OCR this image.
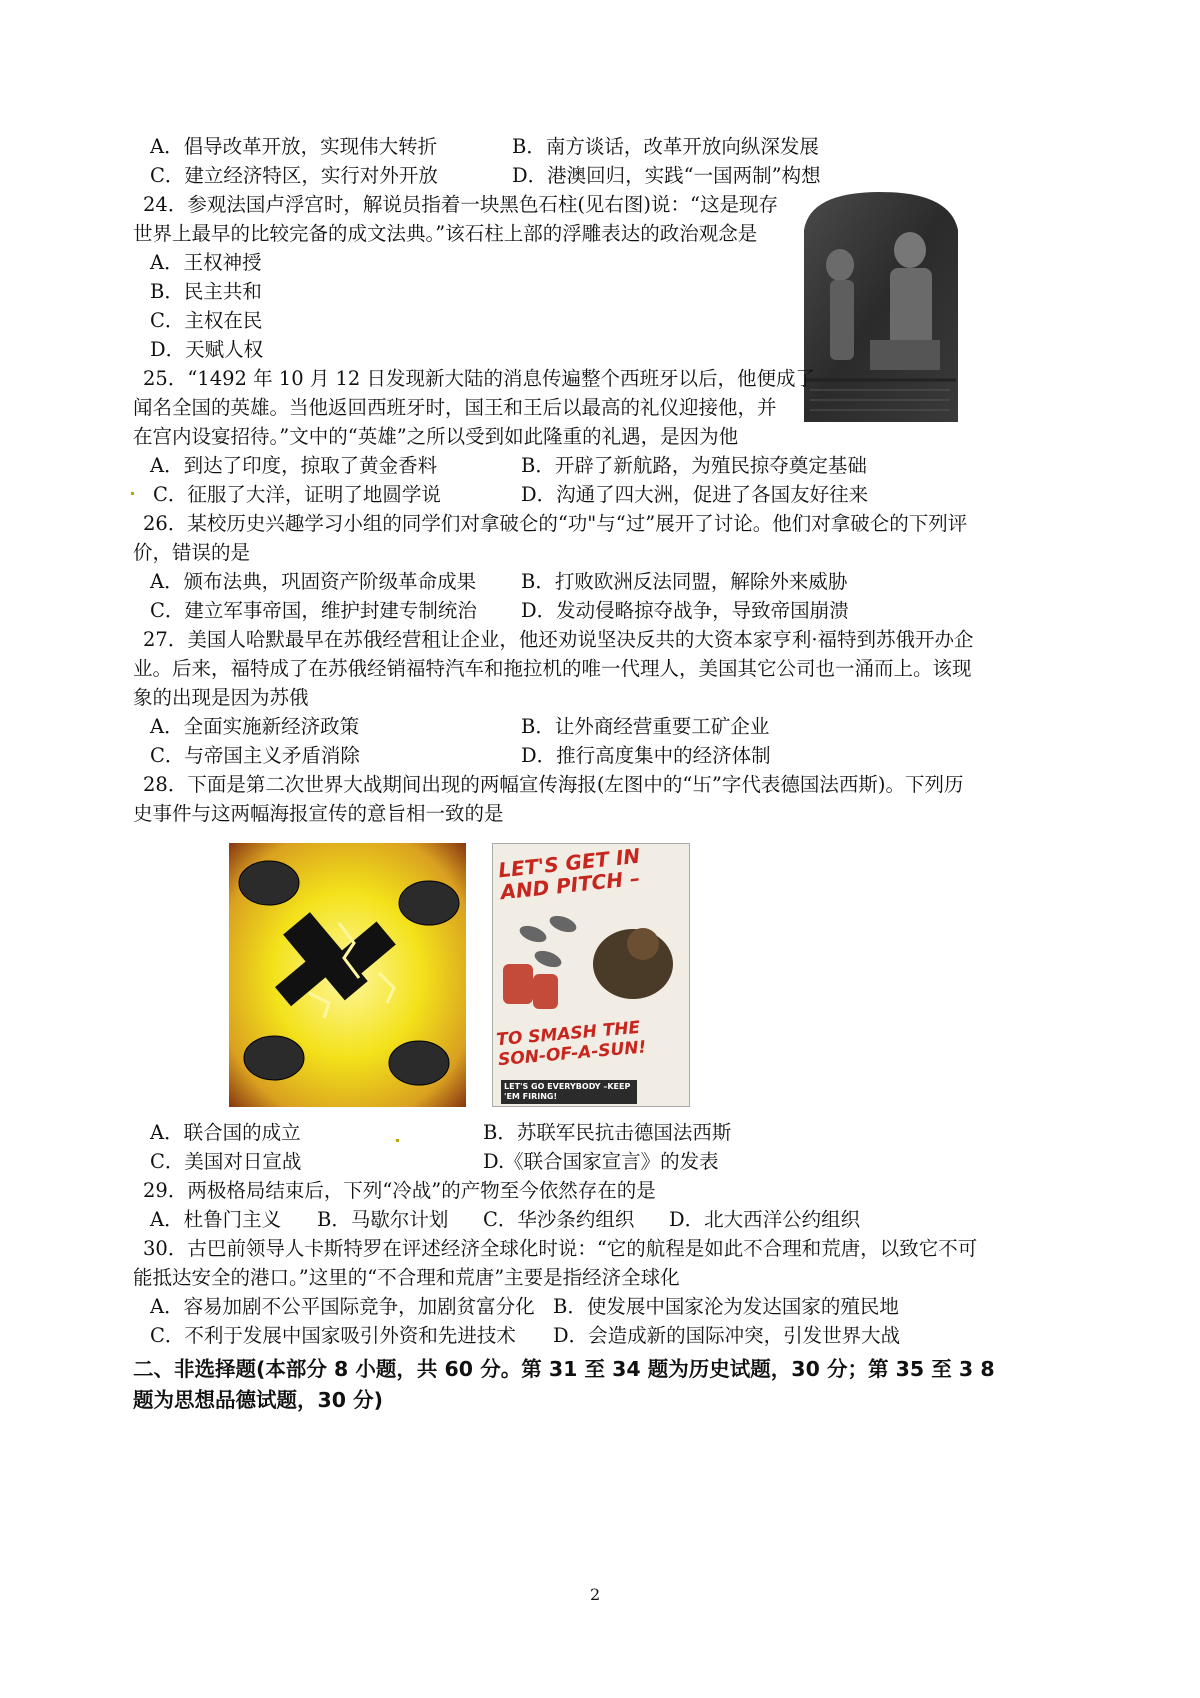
A．倡导改革开放，实现伟大转折	B．南方谈话，改革开放向纵深发展
C．建立经济特区，实行对外开放	D．港澳回归，实践“一国两制”构想
24．参观法国卢浮宫时，解说员指着一块黑色石柱(见右图)说：“这是现存
世界上最早的比较完备的成文法典。”该石柱上部的浮雕表达的政治观念是
A．王权神授
B．民主共和
C．主权在民
D．天赋人权
25．“1492 年 10 月 12 日发现新大陆的消息传遍整个西班牙以后，他便成了
闻名全国的英雄。当他返回西班牙时，国王和王后以最高的礼仪迎接他，并
在宫内设宴招待。”文中的“英雄”之所以受到如此隆重的礼遇，是因为他
A．到达了印度，掠取了黄金香料	B．开辟了新航路，为殖民掠夺奠定基础
C．征服了大洋，证明了地圆学说	D．沟通了四大洲，促进了各国友好往来
26．某校历史兴趣学习小组的同学们对拿破仑的“功"与“过”展开了讨论。他们对拿破仑的下列评
价，错误的是
A．颁布法典，巩固资产阶级革命成果 B．打败欧洲反法同盟，解除外来威胁
C．建立军事帝国，维护封建专制统治 D．发动侵略掠夺战争，导致帝国崩溃
27．美国人哈默最早在苏俄经营租让企业，他还劝说坚决反共的大资本家亨利·福特到苏俄开办企
业。后来，福特成了在苏俄经销福特汽车和拖拉机的唯一代理人，美国其它公司也一涌而上。该现
象的出现是因为苏俄
A．全面实施新经济政策	B．让外商经营重要工矿企业
C．与帝国主义矛盾消除	D．推行高度集中的经济体制
28．下面是第二次世界大战期间出现的两幅宣传海报(左图中的“卐”字代表德国法西斯)。下列历
史事件与这两幅海报宣传的意旨相一致的是
LET'S GET IN AND PITCH –
TO SMASH THE SON-OF-A-SUN!
LET'S GO EVERYBODY –KEEP 'EM FIRING!
A．联合国的成立	B．苏联军民抗击德国法西斯
C．美国对日宣战	D.《联合国家宣言》的发表
29．两极格局结束后，下列“冷战”的产物至今依然存在的是
A．杜鲁门主义 B．马歇尔计划 C．华沙条约组织 D．北大西洋公约组织
30．古巴前领导人卡斯特罗在评述经济全球化时说：“它的航程是如此不合理和荒唐，以致它不可
能抵达安全的港口。”这里的“不合理和荒唐”主要是指经济全球化
A．容易加剧不公平国际竞争，加剧贫富分化 B．使发展中国家沦为发达国家的殖民地
C．不利于发展中国家吸引外资和先进技术 D．会造成新的国际冲突，引发世界大战
二、非选择题(本部分 8 小题，共 60 分。第 31 至 34 题为历史试题，30 分；第 35 至 3 8
题为思想品德试题，30 分)
2
